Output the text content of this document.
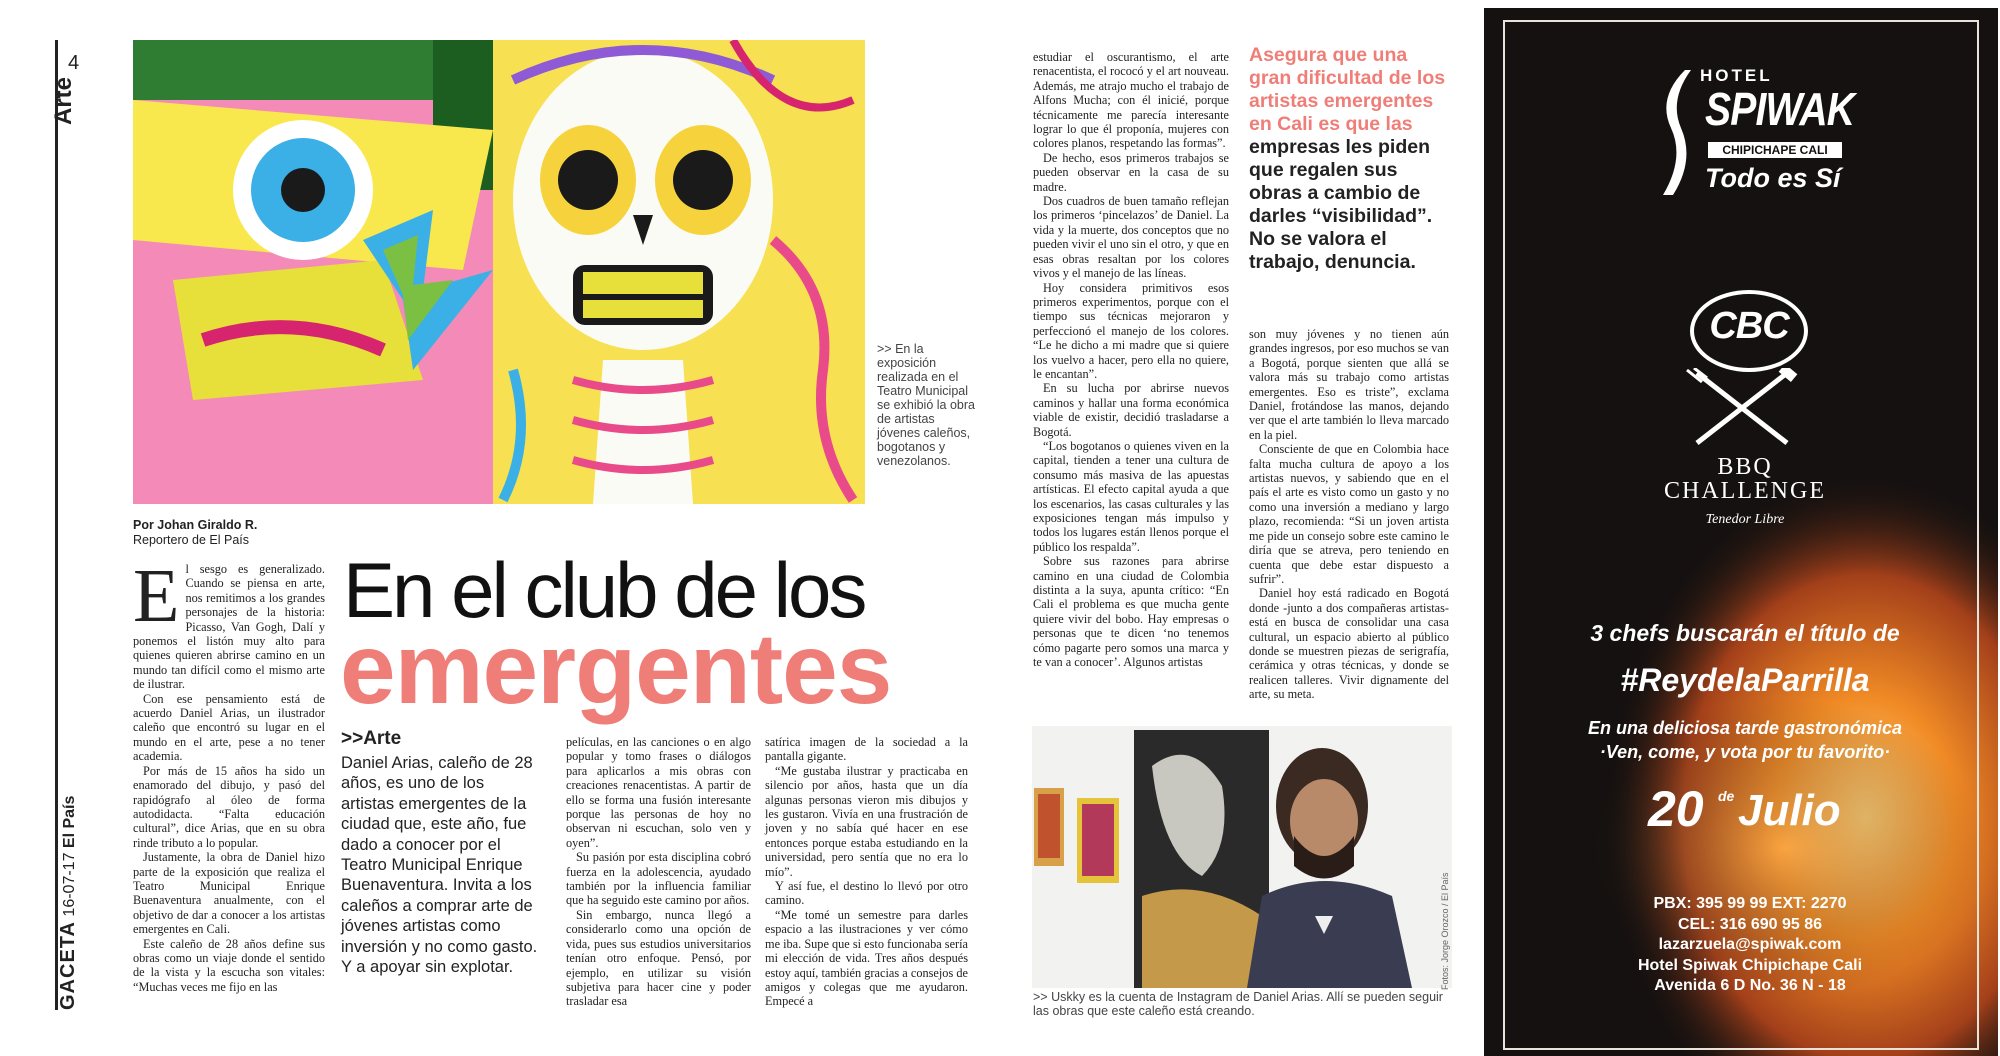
4
Arte
GACETA 16-07-17 El País
>> En la exposición realizada en el Teatro Municipal se exhibió la obra de artistas jóvenes caleños, bogotanos y venezolanos.
Por Johan Giraldo R.
Reportero de El País
En el club de los
emergentes
E l sesgo es generalizado. Cuando se piensa en arte, nos remitimos a los grandes personajes de la historia: Picasso, Van Gogh, Dalí y ponemos el listón muy alto para quienes quieren abrirse camino en un mundo tan difícil como el mismo arte de ilustrar.

Con ese pensamiento está de acuerdo Daniel Arias, un ilustrador caleño que encontró su lugar en el mundo en el arte, pese a no tener academia.

Por más de 15 años ha sido un enamorado del dibujo, y pasó del rapidógrafo al óleo de forma autodidacta. “Falta educación cultural”, dice Arias, que en su obra rinde tributo a lo popular.

Justamente, la obra de Daniel hizo parte de la exposición que realiza el Teatro Municipal Enrique Buenaventura anualmente, con el objetivo de dar a conocer a los artistas emergentes en Cali.

Este caleño de 28 años define sus obras como un viaje donde el sentido de la vista y la escucha son vitales: “Muchas veces me fijo en las

>>Arte
Daniel Arias, caleño de 28 años, es uno de los artistas emergentes de la ciudad que, este año, fue dado a conocer por el Teatro Municipal Enrique Buenaventura. Invita a los caleños a comprar arte de jóvenes artistas como inversión y no como gasto. Y a apoyar sin explotar.

películas, en las canciones o en algo popular y tomo frases o diálogos para aplicarlos a mis obras con creaciones renacentistas. A partir de ello se forma una fusión interesante porque las personas de hoy no observan ni escuchan, solo ven y oyen”.

Su pasión por esta disciplina cobró fuerza en la adolescencia, ayudado también por la influencia familiar que ha seguido este camino por años.

Sin embargo, nunca llegó a considerarlo como una opción de vida, pues sus estudios universitarios tenían otro enfoque. Pensó, por ejemplo, en utilizar su visión subjetiva para hacer cine y poder trasladar esa

satírica imagen de la sociedad a la pantalla gigante.

“Me gustaba ilustrar y practicaba en silencio por años, hasta que un día algunas personas vieron mis dibujos y les gustaron. Vivía en una frustración de joven y no sabía qué hacer en ese entonces porque estaba estudiando en la universidad, pero sentía que no era lo mío”.

Y así fue, el destino lo llevó por otro camino.

“Me tomé un semestre para darles espacio a las ilustraciones y ver cómo me iba. Supe que si esto funcionaba sería mi elección de vida. Tres años después estoy aquí, también gracias a consejos de amigos y colegas que me ayudaron. Empecé a

estudiar el oscurantismo, el arte renacentista, el rococó y el art nouveau. Además, me atrajo mucho el trabajo de Alfons Mucha; con él inicié, porque técnicamente me parecía interesante lograr lo que él proponía, mujeres con colores planos, respetando las formas”.

De hecho, esos primeros trabajos se pueden observar en la casa de su madre.

Dos cuadros de buen tamaño reflejan los primeros ‘pincelazos’ de Daniel. La vida y la muerte, dos conceptos que no pueden vivir el uno sin el otro, y que en esas obras resaltan por los colores vivos y el manejo de las líneas.

Hoy considera primitivos esos primeros experimentos, porque con el tiempo sus técnicas mejoraron y perfeccionó el manejo de los colores. “Le he dicho a mi madre que si quiere los vuelvo a hacer, pero ella no quiere, le encantan”.

En su lucha por abrirse nuevos caminos y hallar una forma económica viable de existir, decidió trasladarse a Bogotá.

“Los bogotanos o quienes viven en la capital, tienden a tener una cultura de consumo más masiva de las apuestas artísticas. El efecto capital ayuda a que los escenarios, las casas culturales y las exposiciones tengan más impulso y todos los lugares están llenos porque el público los respalda”.

Sobre sus razones para abrirse camino en una ciudad de Colombia distinta a la suya, apunta crítico: “En Cali el problema es que mucha gente quiere vivir del bobo. Hay empresas o personas que te dicen ‘no tenemos cómo pagarte pero somos una marca y te van a conocer’. Algunos artistas

Asegura que una gran dificultad de los artistas emergentes en Cali es que las empresas les piden que regalen sus obras a cambio de darles “visibilidad”. No se valora el trabajo, denuncia.

son muy jóvenes y no tienen aún grandes ingresos, por eso muchos se van a Bogotá, porque sienten que allá se valora más su trabajo como artistas emergentes. Eso es triste”, exclama Daniel, frotándose las manos, dejando ver que el arte también lo lleva marcado en la piel.

Consciente de que en Colombia hace falta mucha cultura de apoyo a los artistas nuevos, y sabiendo que en el país el arte es visto como un gasto y no como una inversión a mediano y largo plazo, recomienda: “Si un joven artista me pide un consejo sobre este camino le diría que se atreva, pero teniendo en cuenta que debe estar dispuesto a sufrir”.

Daniel hoy está radicado en Bogotá donde -junto a dos compañeras artistas- está en busca de consolidar una casa cultural, un espacio abierto al público donde se muestren piezas de serigrafía, cerámica y otras técnicas, y donde se realicen talleres. Vivir dignamente del arte, su meta.

Fotos: Jorge Orozco / El País
>> Uskky es la cuenta de Instagram de Daniel Arias. Allí se pueden seguir las obras que este caleño está creando.
HOTEL
SPIWAK
CHIPICHAPE CALI
Todo es Sí
CBC
BBQ CHALLENGE
Tenedor Libre
3 chefs buscarán el título de
#ReydelaParrilla
En una deliciosa tarde gastronómica
·Ven, come, y vota por tu favorito·
20 de Julio
PBX: 395 99 99 EXT: 2270
CEL: 316 690 95 86
lazarzuela@spiwak.com
Hotel Spiwak Chipichape Cali
Avenida 6 D No. 36 N - 18
